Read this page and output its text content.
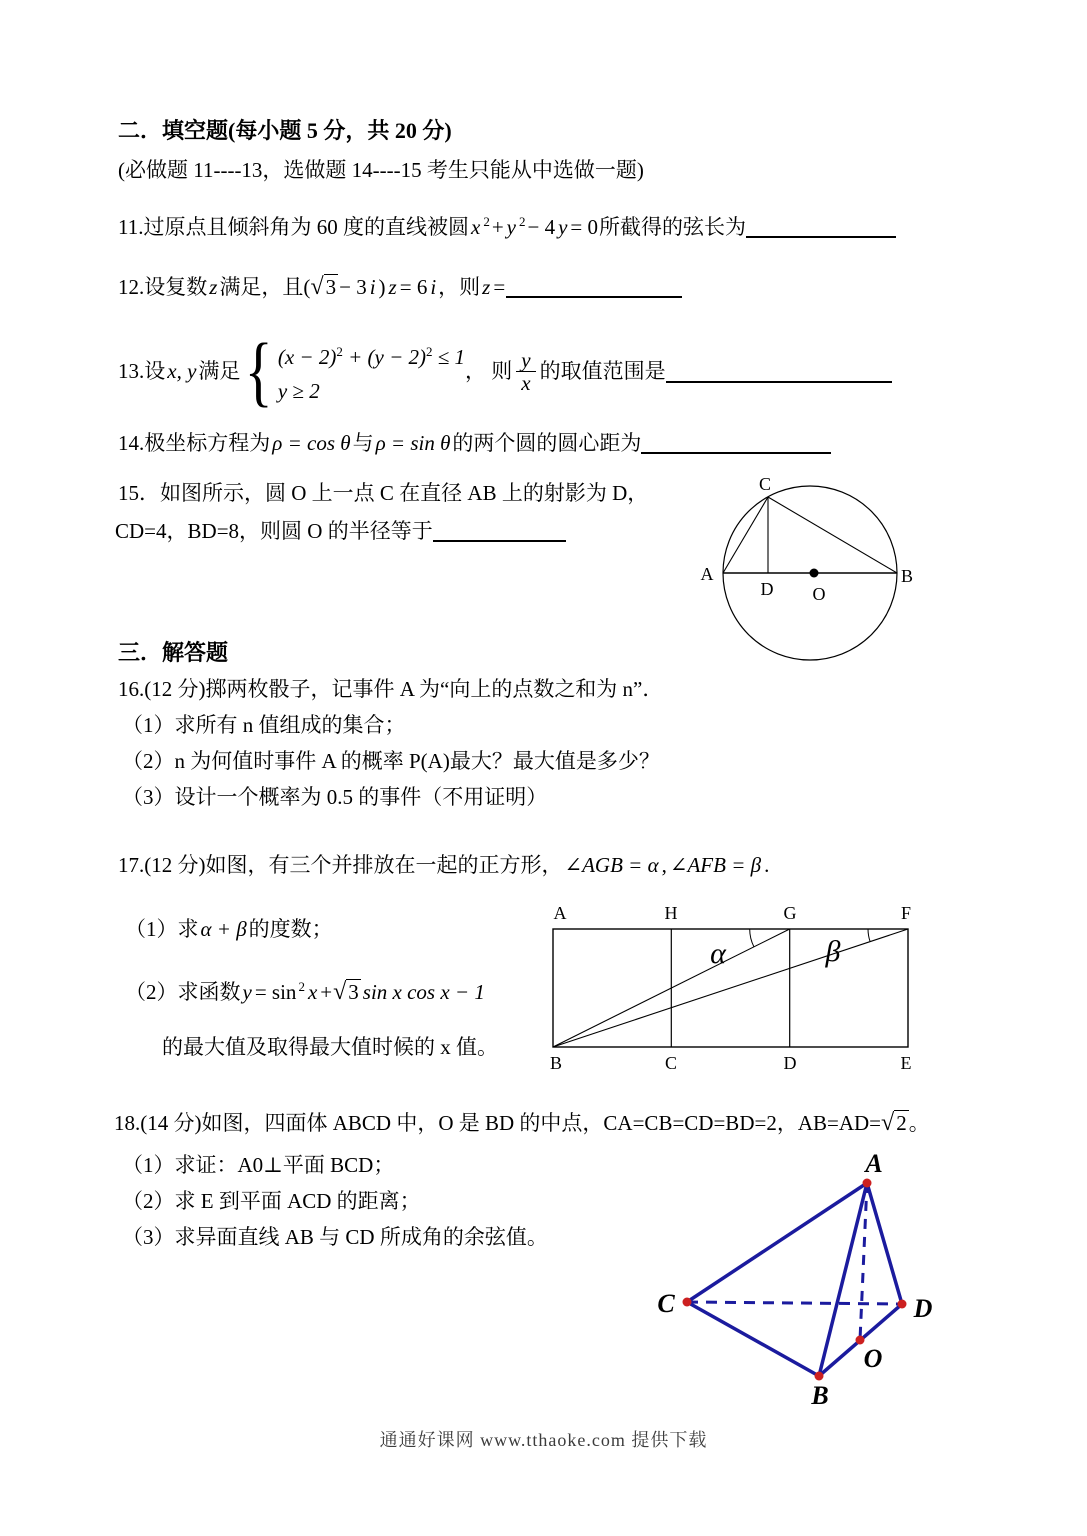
二．填空题(每小题 5 分，共 20 分)
(必做题 11----13，选做题 14----15 考生只能从中选做一题)
11.过原点且倾斜角为 60 度的直线被圆x $^2$+ y $^2$− 4 y = 0所截得的弦长为
12.设复数z满足，且(√3 − 3 i ) z = 6 i，则z =
13.设 x, y 满足 { $(x - 2)^2 + (y - 2)^2 \le 1$
y ≥ 2
， 则 $\frac{y}{x}$ 的取值范围是
14.极坐标方程为ρ = cos θ与ρ = sin θ的两个圆的圆心距为
15．如图所示，圆 O 上一点 C 在直径 AB 上的射影为 D，
CD=4，BD=8，则圆 O 的半径等于
A	B
C
D O
三．解答题
16.(12 分)掷两枚骰子，记事件 A 为“向上的点数之和为 n”．
（1）求所有 n 值组成的集合；
（2）n 为何值时事件 A 的概率 P(A)最大？最大值是多少？
（3）设计一个概率为 0.5 的事件（不用证明）
17.(12 分)如图，有三个并排放在一起的正方形，∠AGB = α , ∠AFB = β .
（1）求α + β的度数；
（2）求函数y = sin $^2$ x +√3 sin x cos x − 1
的最大值及取得最大值时候的 x 值。
A	H	G	F
B	C	D	E
α	β
18.(14 分)如图，四面体 ABCD 中，O 是 BD 的中点，CA=CB=CD=BD=2，AB=AD=√2。
（1）求证：A0⊥平面 BCD；
（2）求 E 到平面 ACD 的距离；
（3）求异面直线 AB 与 CD 所成角的余弦值。
A
C	D
O
B
通通好课网 www.tthaoke.com 提供下载
